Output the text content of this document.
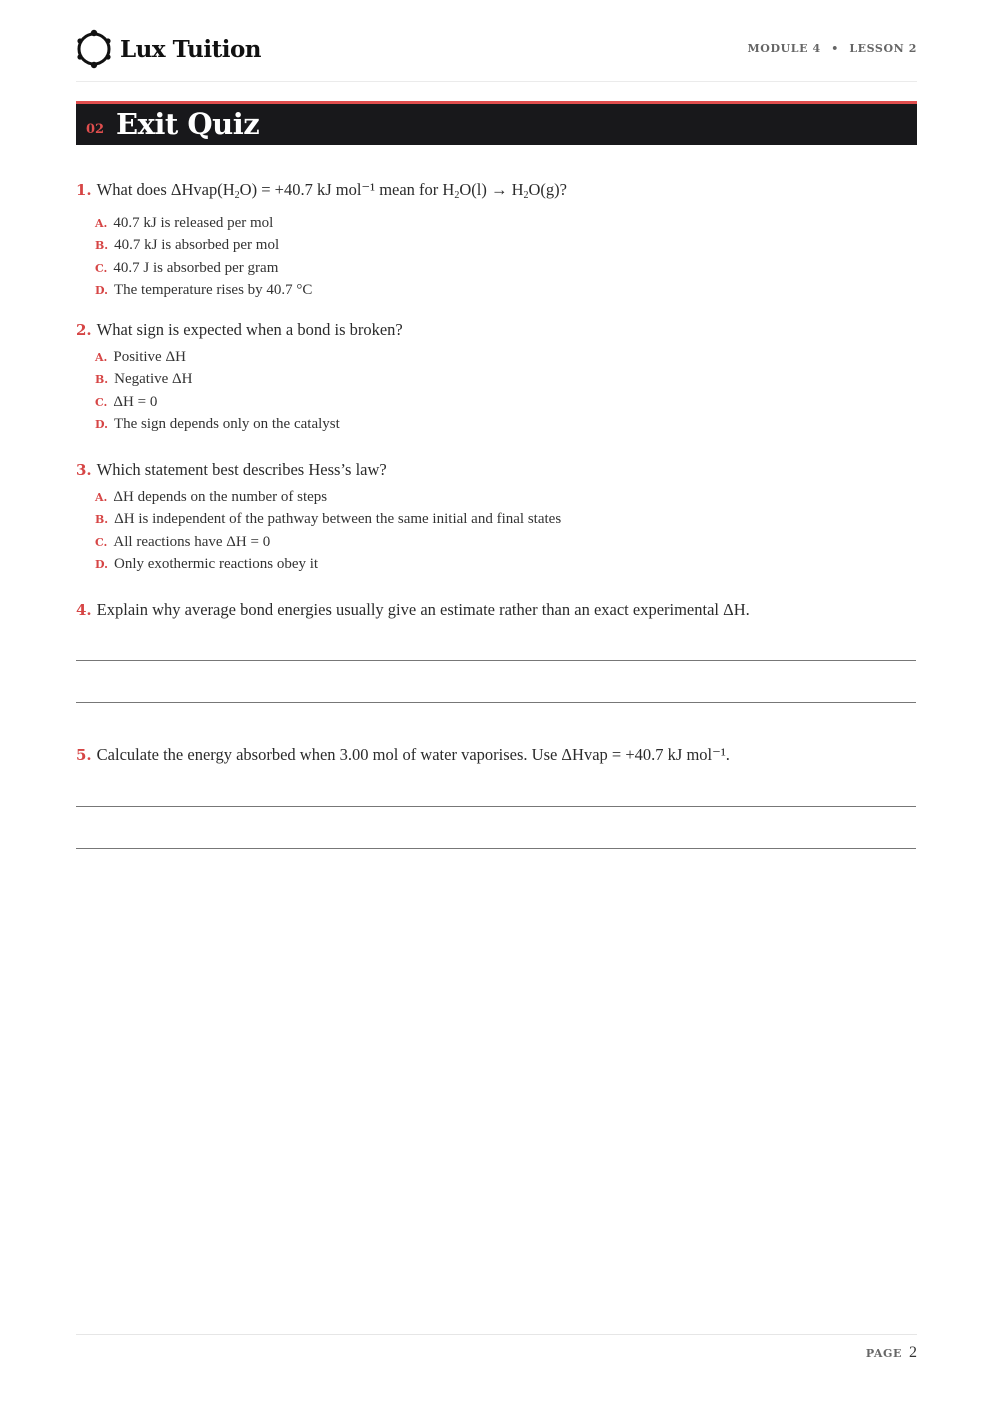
Lux Tuition	MODULE 4 • LESSON 2
02 Exit Quiz
1. What does $\Delta Hvap(H_2O) = +40.7$ kJ mol⁻¹ mean for $H_2O(l) \to H_2O(g)$?
A. 40.7 kJ is released per mol
B. 40.7 kJ is absorbed per mol
C. 40.7 J is absorbed per gram
D. The temperature rises by 40.7 °C
2. What sign is expected when a bond is broken?
A. Positive ΔH
B. Negative ΔH
C. ΔH = 0
D. The sign depends only on the catalyst
3. Which statement best describes Hess’s law?
A. ΔH depends on the number of steps
B. ΔH is independent of the pathway between the same initial and final states
C. All reactions have ΔH = 0
D. Only exothermic reactions obey it
4. Explain why average bond energies usually give an estimate rather than an exact experimental ΔH.
5. Calculate the energy absorbed when 3.00 mol of water vaporises. Use ΔHvap = +40.7 kJ mol⁻¹.
PAGE 2
